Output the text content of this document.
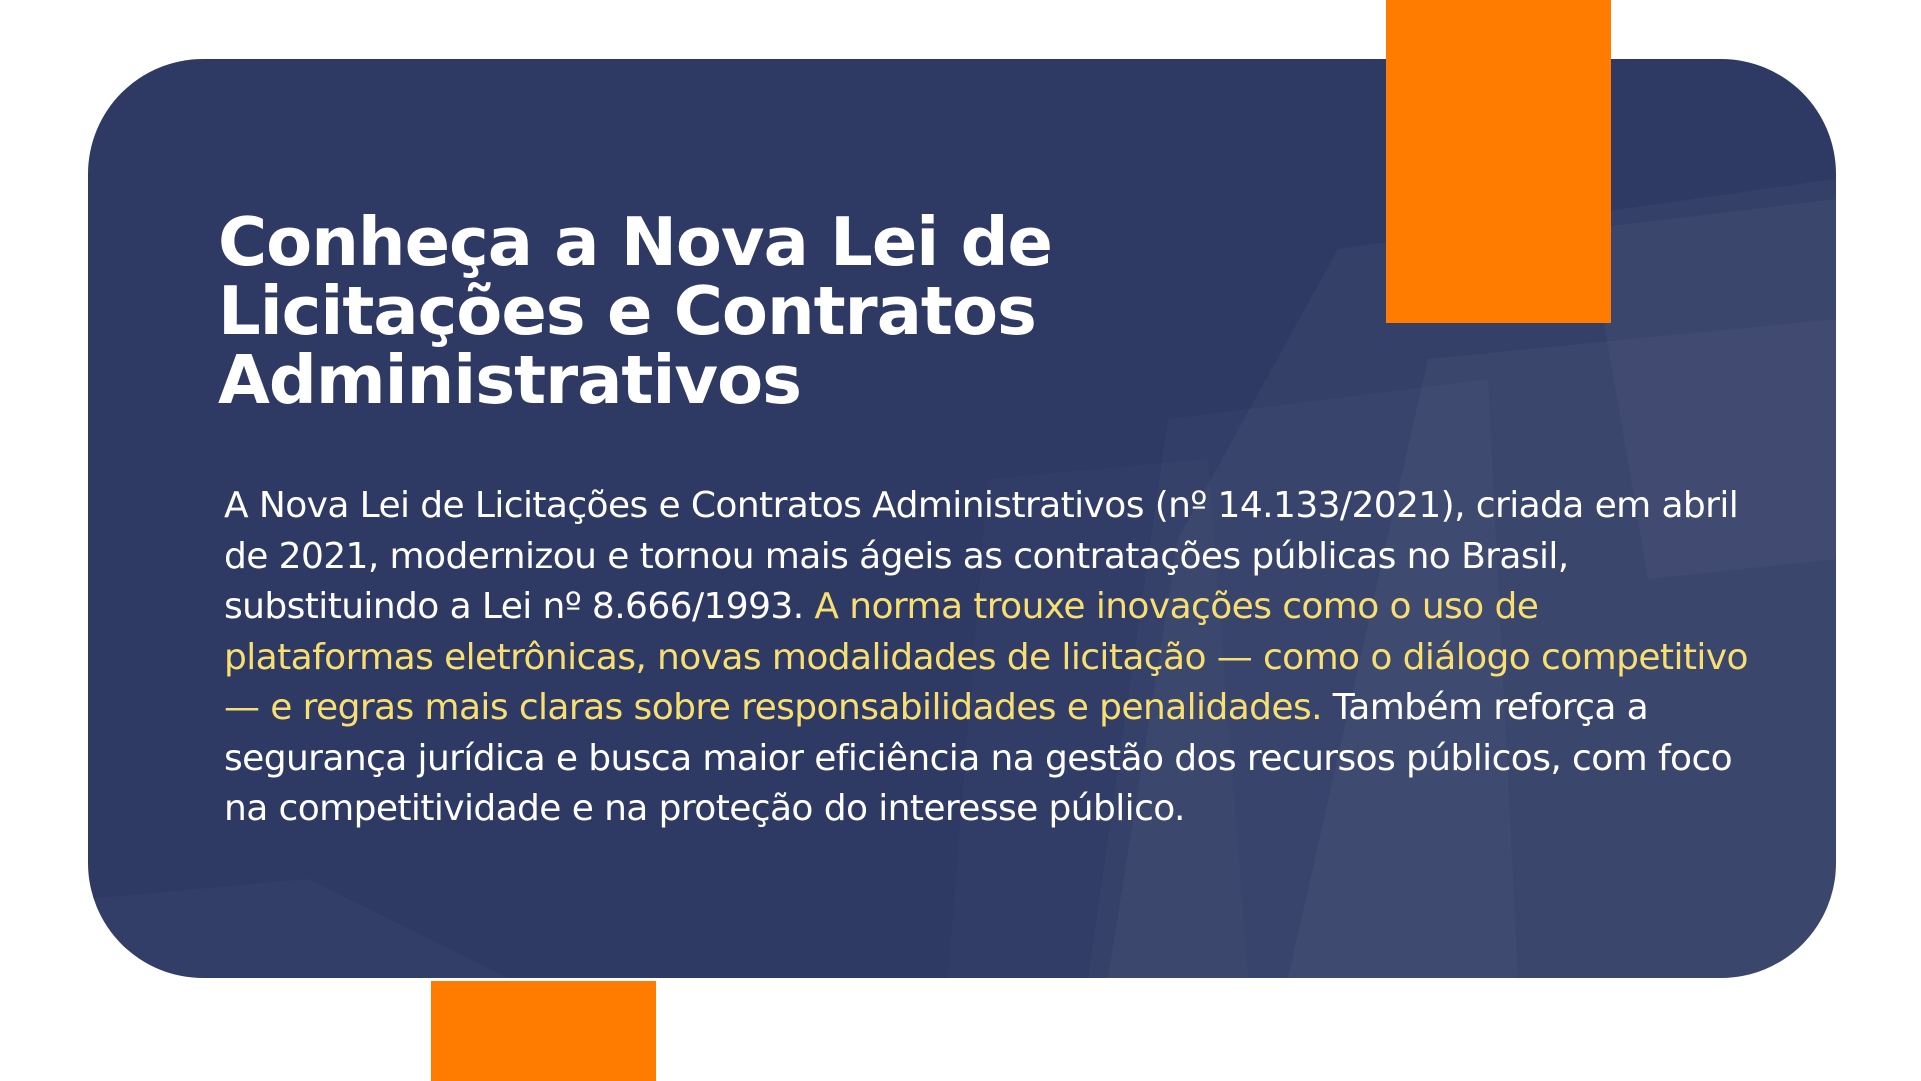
Conheça a Nova Lei de
Licitações e Contratos
Administrativos

A Nova Lei de Licitações e Contratos Administrativos (nº 14.133/2021), criada em abril de 2021, modernizou e tornou mais ágeis as contratações públicas no Brasil, substituindo a Lei nº 8.666/1993. A norma trouxe inovações como o uso de plataformas eletrônicas, novas modalidades de licitação — como o diálogo competitivo — e regras mais claras sobre responsabilidades e penalidades. Também reforça a segurança jurídica e busca maior eficiência na gestão dos recursos públicos, com foco na competitividade e na proteção do interesse público.
